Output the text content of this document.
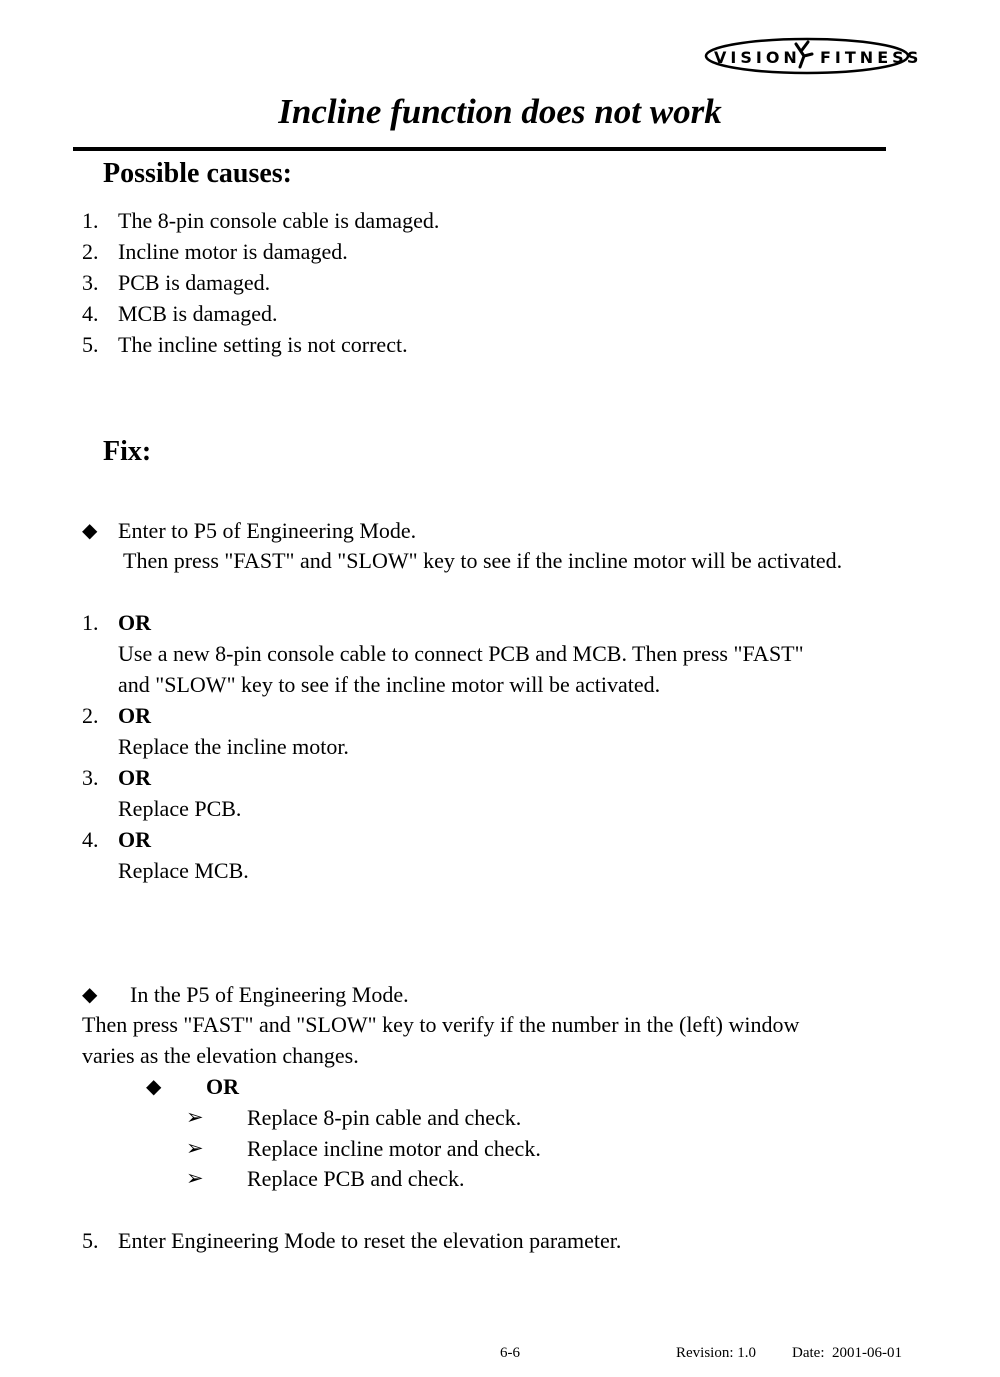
VISION FITNESS
Incline function does not work
Possible causes:
1. The 8-pin console cable is damaged.
2. Incline motor is damaged.
3. PCB is damaged.
4. MCB is damaged.
5. The incline setting is not correct.
Fix:
◆ Enter to P5 of Engineering Mode.
Then press "FAST" and "SLOW" key to see if the incline motor will be activated.
1. OR
Use a new 8-pin console cable to connect PCB and MCB. Then press "FAST"
and "SLOW" key to see if the incline motor will be activated.
2. OR
Replace the incline motor.
3. OR
Replace PCB.
4. OR
Replace MCB.
◆ In the P5 of Engineering Mode.
Then press "FAST" and "SLOW" key to verify if the number in the (left) window
varies as the elevation changes.
◆ OR
➢ Replace 8-pin cable and check.
➢ Replace incline motor and check.
➢ Replace PCB and check.
5. Enter Engineering Mode to reset the elevation parameter.
6-6	Revision: 1.0 Date:  2001-06-01
